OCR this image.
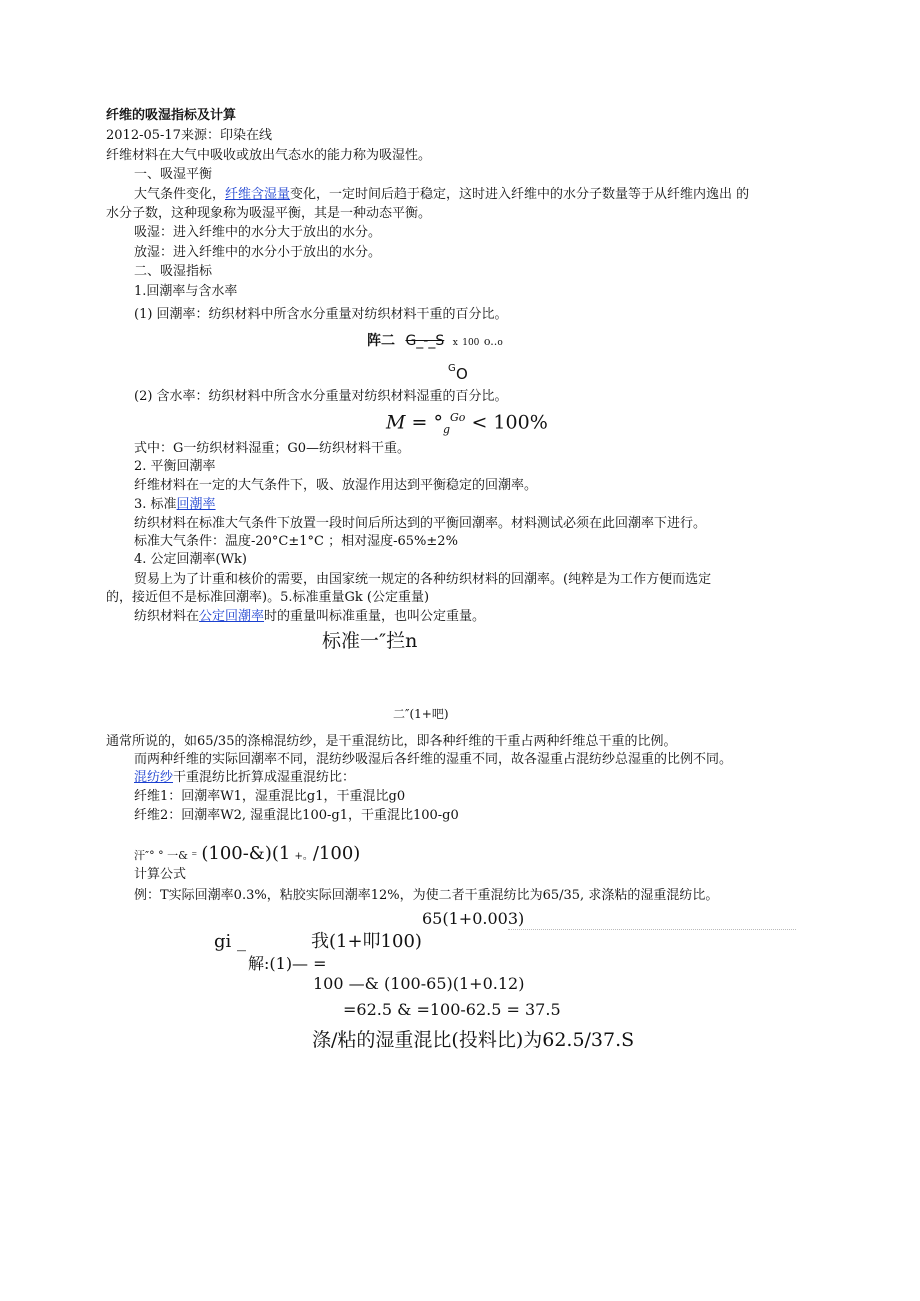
纤维的吸湿指标及计算
2012-05-17来源：印染在线
纤维材料在大气中吸收或放出气态水的能力称为吸湿性。
一、吸湿平衡
大气条件变化，纤维含湿量变化，一定时间后趋于稳定，这时进入纤维中的水分子数量等于从纤维内逸出 的
水分子数，这种现象称为吸湿平衡，其是一种动态平衡。
吸湿：进入纤维中的水分大于放出的水分。
放湿：进入纤维中的水分小于放出的水分。
二、吸湿指标
1.回潮率与含水率
(1) 回潮率：纺织材料中所含水分重量对纺织材料干重的百分比。
阵二 G_-_S x 100 o..o
G O
(2) 含水率：纺织材料中所含水分重量对纺织材料湿重的百分比。
$M = ^\circ_g^{Go} < 100\%$
式中：G一纺织材料湿重；G0—纺织材料干重。
2. 平衡回潮率
纤维材料在一定的大气条件下，吸、放湿作用达到平衡稳定的回潮率。
3. 标准回潮率
纺织材料在标准大气条件下放置一段时间后所达到的平衡回潮率。材料测试必须在此回潮率下进行。
标准大气条件：温度-20°C±1°C ；相对湿度-65%±2%
4. 公定回潮率(Wk)
贸易上为了计重和核价的需要，由国家统一规定的各种纺织材料的回潮率。(纯粹是为工作方便而选定
的，接近但不是标准回潮率)。5.标准重量Gk (公定重量)
纺织材料在公定回潮率时的重量叫标准重量，也叫公定重量。
标准一″拦n
二″(1+吧)
通常所说的，如65/35的涤棉混纺纱，是干重混纺比，即各种纤维的干重占两种纤维总干重的比例。
而两种纤维的实际回潮率不同，混纺纱吸湿后各纤维的湿重不同，故各湿重占混纺纱总湿重的比例不同。
混纺纱干重混纺比折算成湿重混纺比：
纤维1：回潮率W1，湿重混比g1，干重混比g0
纤维2：回潮率W2, 湿重混比100-g1，干重混比100-g0
汗″° ° 一& ⁼ (100-&)(1 +。/100)
计算公式
例：T实际回潮率0.3%，粘胶实际回潮率12%，为使二者干重混纺比为65/35, 求涤粘的湿重混纺比。
65(1+0.003)
gi _	我(1+叩100)
解:(1)— =
100 —& (100-65)(1+0.12)
=62.5 & =100-62.5 = 37.5
涤/粘的湿重混比(投料比)为62.5/37.S
